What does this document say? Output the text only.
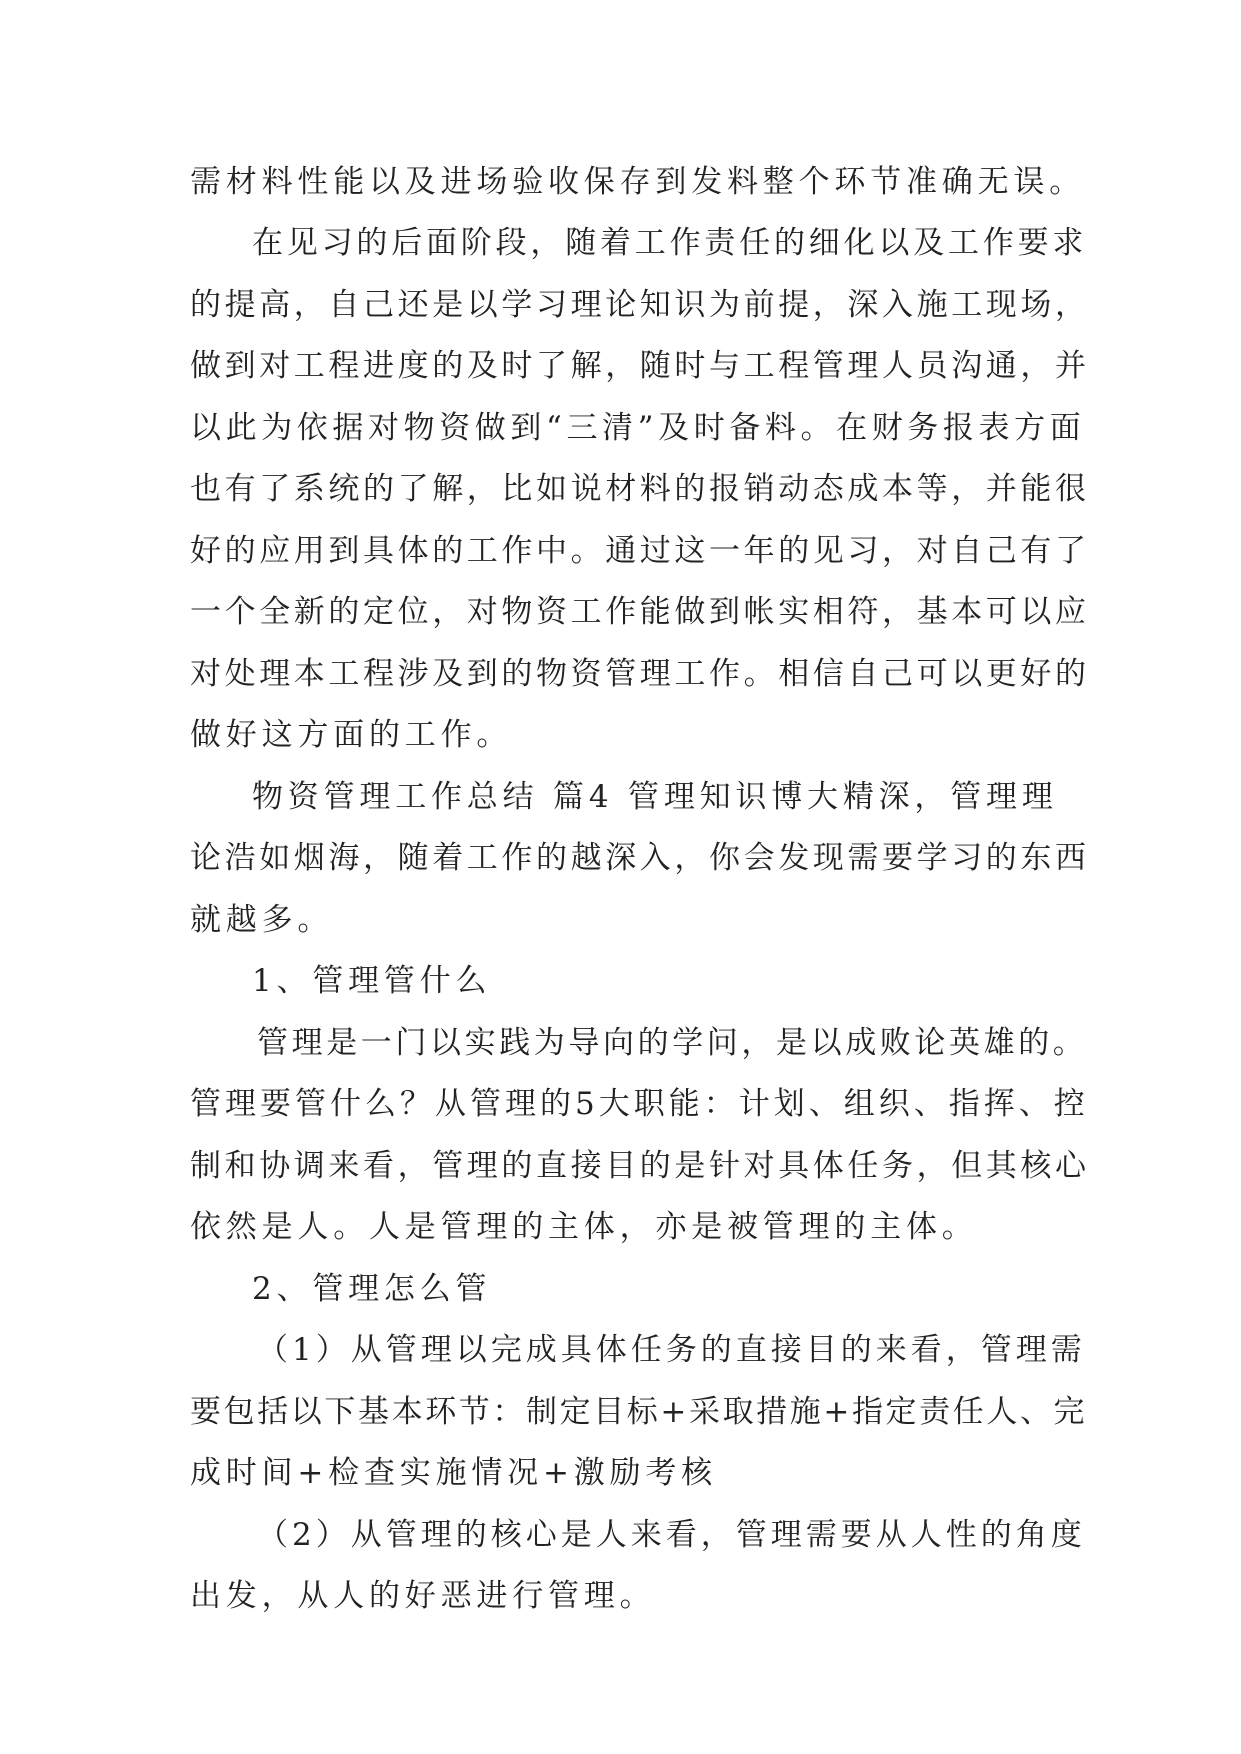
需材料性能以及进场验收保存到发料整个环节准确无误。
在见习的后面阶段，随着工作责任的细化以及工作要求
的提高，自己还是以学习理论知识为前提，深入施工现场，
做到对工程进度的及时了解，随时与工程管理人员沟通，并
以此为依据对物资做到“三清”及时备料。在财务报表方面
也有了系统的了解，比如说材料的报销动态成本等，并能很
好的应用到具体的工作中。通过这一年的见习，对自己有了
一个全新的定位，对物资工作能做到帐实相符，基本可以应
对处理本工程涉及到的物资管理工作。相信自己可以更好的
做好这方面的工作。
物资管理工作总结 篇4 管理知识博大精深，管理理
论浩如烟海，随着工作的越深入，你会发现需要学习的东西
就越多。
1、管理管什么
管理是一门以实践为导向的学问，是以成败论英雄的。
管理要管什么？从管理的5大职能：计划、组织、指挥、控
制和协调来看，管理的直接目的是针对具体任务，但其核心
依然是人。人是管理的主体，亦是被管理的主体。
2、管理怎么管
（1）从管理以完成具体任务的直接目的来看，管理需
要包括以下基本环节：制定目标+采取措施+指定责任人、完
成时间+检查实施情况+激励考核
（2）从管理的核心是人来看，管理需要从人性的角度
出发，从人的好恶进行管理。
